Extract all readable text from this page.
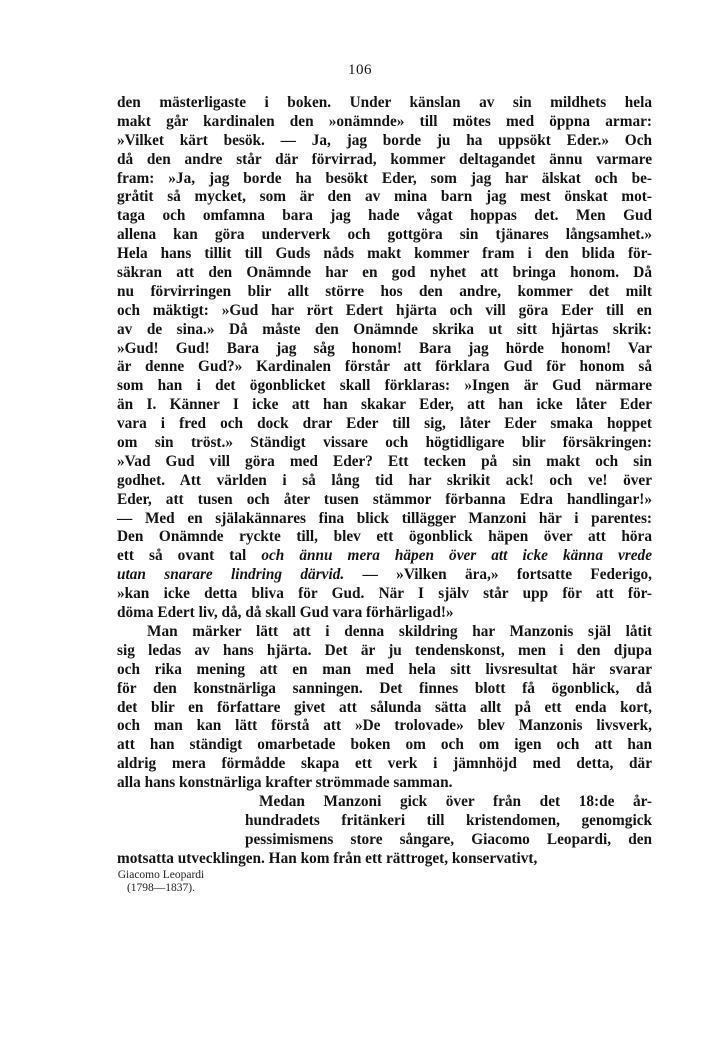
106
den mästerligaste i boken. Under känslan av sin mildhets hela
makt går kardinalen den »onämnde» till mötes med öppna armar:
»Vilket kärt besök. — Ja, jag borde ju ha uppsökt Eder.» Och
då den andre står där förvirrad, kommer deltagandet ännu varmare
fram: »Ja, jag borde ha besökt Eder, som jag har älskat och be-
gråtit så mycket, som är den av mina barn jag mest önskat mot-
taga och omfamna bara jag hade vågat hoppas det. Men Gud
allena kan göra underverk och gottgöra sin tjänares långsamhet.»
Hela hans tillit till Guds nåds makt kommer fram i den blida för-
säkran att den Onämnde har en god nyhet att bringa honom. Då
nu förvirringen blir allt större hos den andre, kommer det milt
och mäktigt: »Gud har rört Edert hjärta och vill göra Eder till en
av de sina.» Då måste den Onämnde skrika ut sitt hjärtas skrik:
»Gud! Gud! Bara jag såg honom! Bara jag hörde honom! Var
är denne Gud?» Kardinalen förstår att förklara Gud för honom så
som han i det ögonblicket skall förklaras: »Ingen är Gud närmare
än I. Känner I icke att han skakar Eder, att han icke låter Eder
vara i fred och dock drar Eder till sig, låter Eder smaka hoppet
om sin tröst.» Ständigt vissare och högtidligare blir försäkringen:
»Vad Gud vill göra med Eder? Ett tecken på sin makt och sin
godhet. Att världen i så lång tid har skrikit ack! och ve! över
Eder, att tusen och åter tusen stämmor förbanna Edra handlingar!»
— Med en själakännares fina blick tillägger Manzoni här i parentes:
Den Onämnde ryckte till, blev ett ögonblick häpen över att höra
ett så ovant tal och ännu mera häpen över att icke känna vrede
utan snarare lindring därvid. — »Vilken ära,» fortsatte Federigo,
»kan icke detta bliva för Gud. När I själv står upp för att för-
döma Edert liv, då, då skall Gud vara förhärligad!»
Man märker lätt att i denna skildring har Manzonis själ låtit
sig ledas av hans hjärta. Det är ju tendenskonst, men i den djupa
och rika mening att en man med hela sitt livsresultat här svarar
för den konstnärliga sanningen. Det finnes blott få ögonblick, då
det blir en författare givet att sålunda sätta allt på ett enda kort,
och man kan lätt förstå att »De trolovade» blev Manzonis livsverk,
att han ständigt omarbetade boken om och om igen och att han
aldrig mera förmådde skapa ett verk i jämnhöjd med detta, där
alla hans konstnärliga krafter strömmade samman.
Medan Manzoni gick över från det 18:de år-
hundradets fritänkeri till kristendomen, genomgick
pessimismens store sångare, Giacomo Leopardi, den
motsatta utvecklingen. Han kom från ett rättroget, konservativt,
Giacomo Leopardi
(1798—1837).
